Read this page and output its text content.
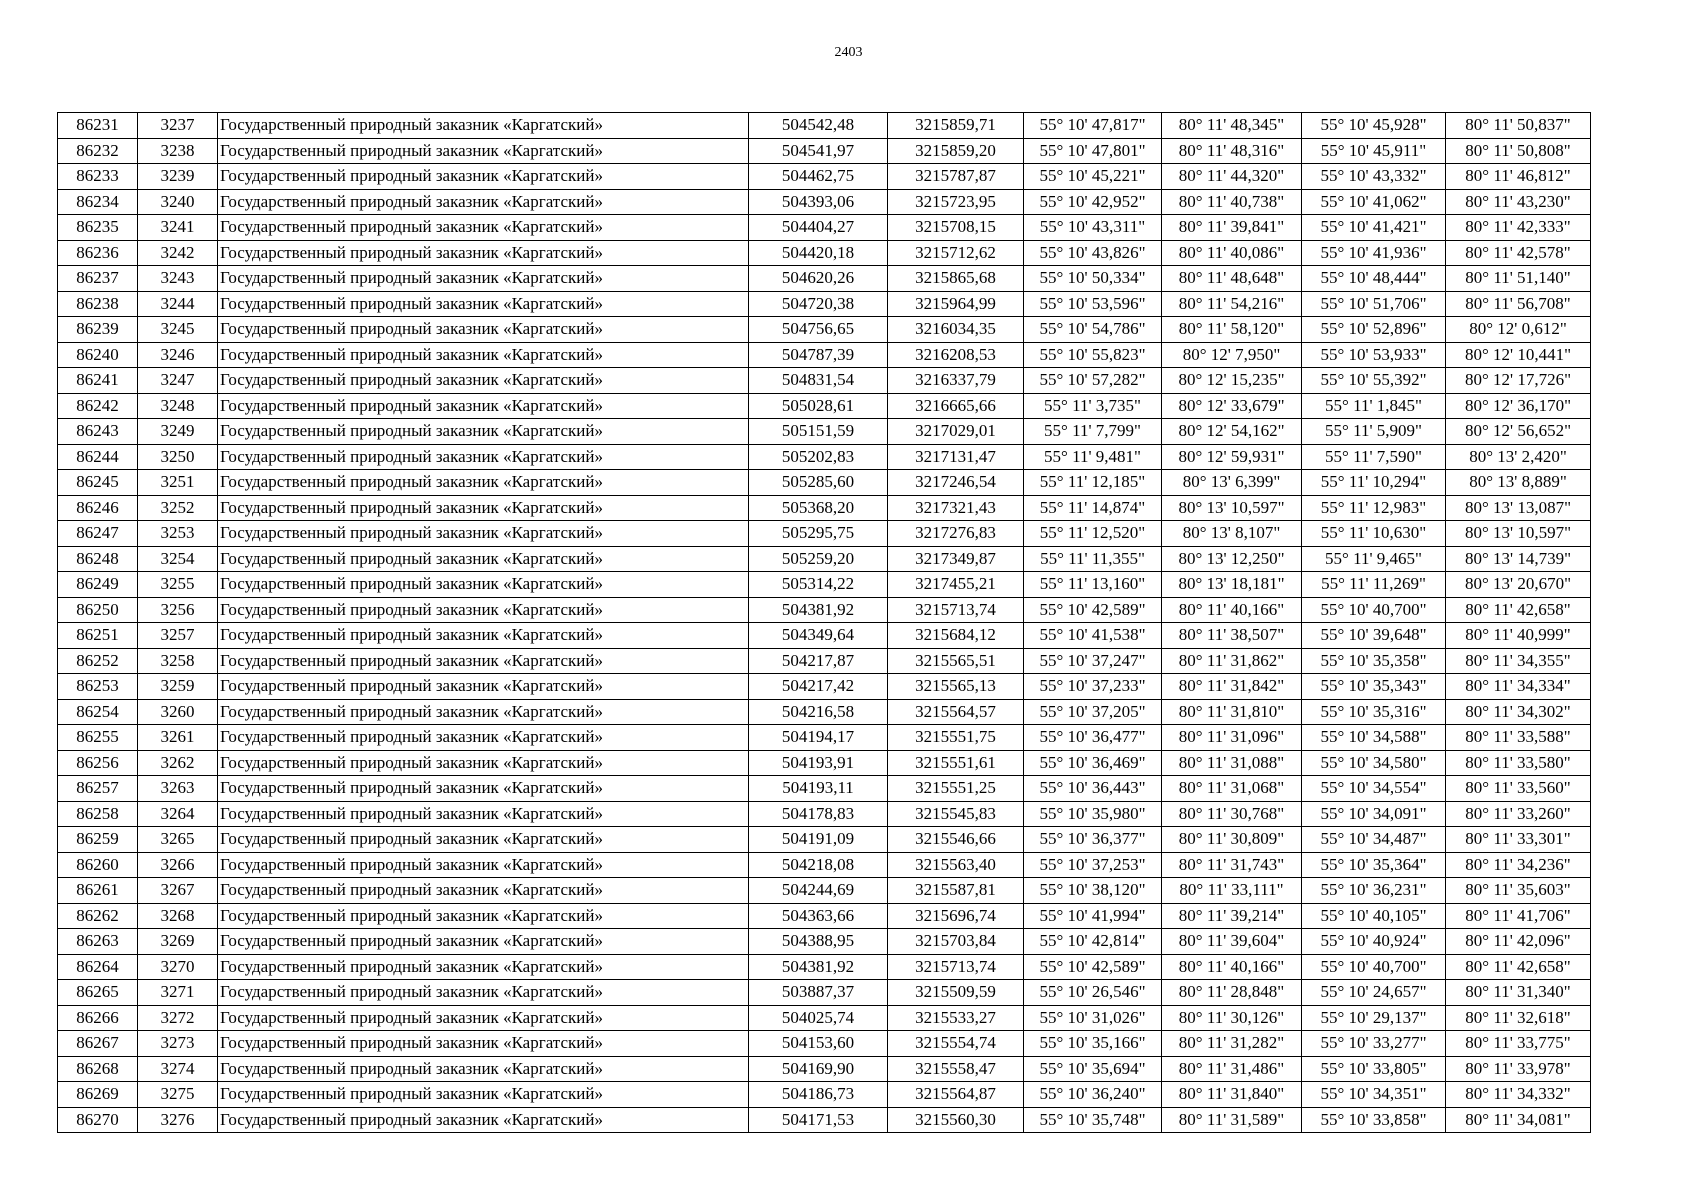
2403
86231	3237	Государственный природный заказник «Каргатский»	504542,48	3215859,71	55° 10' 47,817"	80° 11' 48,345"	55° 10' 45,928"	80° 11' 50,837"
86232	3238	Государственный природный заказник «Каргатский»	504541,97	3215859,20	55° 10' 47,801"	80° 11' 48,316"	55° 10' 45,911"	80° 11' 50,808"
86233	3239	Государственный природный заказник «Каргатский»	504462,75	3215787,87	55° 10' 45,221"	80° 11' 44,320"	55° 10' 43,332"	80° 11' 46,812"
86234	3240	Государственный природный заказник «Каргатский»	504393,06	3215723,95	55° 10' 42,952"	80° 11' 40,738"	55° 10' 41,062"	80° 11' 43,230"
86235	3241	Государственный природный заказник «Каргатский»	504404,27	3215708,15	55° 10' 43,311"	80° 11' 39,841"	55° 10' 41,421"	80° 11' 42,333"
86236	3242	Государственный природный заказник «Каргатский»	504420,18	3215712,62	55° 10' 43,826"	80° 11' 40,086"	55° 10' 41,936"	80° 11' 42,578"
86237	3243	Государственный природный заказник «Каргатский»	504620,26	3215865,68	55° 10' 50,334"	80° 11' 48,648"	55° 10' 48,444"	80° 11' 51,140"
86238	3244	Государственный природный заказник «Каргатский»	504720,38	3215964,99	55° 10' 53,596"	80° 11' 54,216"	55° 10' 51,706"	80° 11' 56,708"
86239	3245	Государственный природный заказник «Каргатский»	504756,65	3216034,35	55° 10' 54,786"	80° 11' 58,120"	55° 10' 52,896"	80° 12' 0,612"
86240	3246	Государственный природный заказник «Каргатский»	504787,39	3216208,53	55° 10' 55,823"	80° 12' 7,950"	55° 10' 53,933"	80° 12' 10,441"
86241	3247	Государственный природный заказник «Каргатский»	504831,54	3216337,79	55° 10' 57,282"	80° 12' 15,235"	55° 10' 55,392"	80° 12' 17,726"
86242	3248	Государственный природный заказник «Каргатский»	505028,61	3216665,66	55° 11' 3,735"	80° 12' 33,679"	55° 11' 1,845"	80° 12' 36,170"
86243	3249	Государственный природный заказник «Каргатский»	505151,59	3217029,01	55° 11' 7,799"	80° 12' 54,162"	55° 11' 5,909"	80° 12' 56,652"
86244	3250	Государственный природный заказник «Каргатский»	505202,83	3217131,47	55° 11' 9,481"	80° 12' 59,931"	55° 11' 7,590"	80° 13' 2,420"
86245	3251	Государственный природный заказник «Каргатский»	505285,60	3217246,54	55° 11' 12,185"	80° 13' 6,399"	55° 11' 10,294"	80° 13' 8,889"
86246	3252	Государственный природный заказник «Каргатский»	505368,20	3217321,43	55° 11' 14,874"	80° 13' 10,597"	55° 11' 12,983"	80° 13' 13,087"
86247	3253	Государственный природный заказник «Каргатский»	505295,75	3217276,83	55° 11' 12,520"	80° 13' 8,107"	55° 11' 10,630"	80° 13' 10,597"
86248	3254	Государственный природный заказник «Каргатский»	505259,20	3217349,87	55° 11' 11,355"	80° 13' 12,250"	55° 11' 9,465"	80° 13' 14,739"
86249	3255	Государственный природный заказник «Каргатский»	505314,22	3217455,21	55° 11' 13,160"	80° 13' 18,181"	55° 11' 11,269"	80° 13' 20,670"
86250	3256	Государственный природный заказник «Каргатский»	504381,92	3215713,74	55° 10' 42,589"	80° 11' 40,166"	55° 10' 40,700"	80° 11' 42,658"
86251	3257	Государственный природный заказник «Каргатский»	504349,64	3215684,12	55° 10' 41,538"	80° 11' 38,507"	55° 10' 39,648"	80° 11' 40,999"
86252	3258	Государственный природный заказник «Каргатский»	504217,87	3215565,51	55° 10' 37,247"	80° 11' 31,862"	55° 10' 35,358"	80° 11' 34,355"
86253	3259	Государственный природный заказник «Каргатский»	504217,42	3215565,13	55° 10' 37,233"	80° 11' 31,842"	55° 10' 35,343"	80° 11' 34,334"
86254	3260	Государственный природный заказник «Каргатский»	504216,58	3215564,57	55° 10' 37,205"	80° 11' 31,810"	55° 10' 35,316"	80° 11' 34,302"
86255	3261	Государственный природный заказник «Каргатский»	504194,17	3215551,75	55° 10' 36,477"	80° 11' 31,096"	55° 10' 34,588"	80° 11' 33,588"
86256	3262	Государственный природный заказник «Каргатский»	504193,91	3215551,61	55° 10' 36,469"	80° 11' 31,088"	55° 10' 34,580"	80° 11' 33,580"
86257	3263	Государственный природный заказник «Каргатский»	504193,11	3215551,25	55° 10' 36,443"	80° 11' 31,068"	55° 10' 34,554"	80° 11' 33,560"
86258	3264	Государственный природный заказник «Каргатский»	504178,83	3215545,83	55° 10' 35,980"	80° 11' 30,768"	55° 10' 34,091"	80° 11' 33,260"
86259	3265	Государственный природный заказник «Каргатский»	504191,09	3215546,66	55° 10' 36,377"	80° 11' 30,809"	55° 10' 34,487"	80° 11' 33,301"
86260	3266	Государственный природный заказник «Каргатский»	504218,08	3215563,40	55° 10' 37,253"	80° 11' 31,743"	55° 10' 35,364"	80° 11' 34,236"
86261	3267	Государственный природный заказник «Каргатский»	504244,69	3215587,81	55° 10' 38,120"	80° 11' 33,111"	55° 10' 36,231"	80° 11' 35,603"
86262	3268	Государственный природный заказник «Каргатский»	504363,66	3215696,74	55° 10' 41,994"	80° 11' 39,214"	55° 10' 40,105"	80° 11' 41,706"
86263	3269	Государственный природный заказник «Каргатский»	504388,95	3215703,84	55° 10' 42,814"	80° 11' 39,604"	55° 10' 40,924"	80° 11' 42,096"
86264	3270	Государственный природный заказник «Каргатский»	504381,92	3215713,74	55° 10' 42,589"	80° 11' 40,166"	55° 10' 40,700"	80° 11' 42,658"
86265	3271	Государственный природный заказник «Каргатский»	503887,37	3215509,59	55° 10' 26,546"	80° 11' 28,848"	55° 10' 24,657"	80° 11' 31,340"
86266	3272	Государственный природный заказник «Каргатский»	504025,74	3215533,27	55° 10' 31,026"	80° 11' 30,126"	55° 10' 29,137"	80° 11' 32,618"
86267	3273	Государственный природный заказник «Каргатский»	504153,60	3215554,74	55° 10' 35,166"	80° 11' 31,282"	55° 10' 33,277"	80° 11' 33,775"
86268	3274	Государственный природный заказник «Каргатский»	504169,90	3215558,47	55° 10' 35,694"	80° 11' 31,486"	55° 10' 33,805"	80° 11' 33,978"
86269	3275	Государственный природный заказник «Каргатский»	504186,73	3215564,87	55° 10' 36,240"	80° 11' 31,840"	55° 10' 34,351"	80° 11' 34,332"
86270	3276	Государственный природный заказник «Каргатский»	504171,53	3215560,30	55° 10' 35,748"	80° 11' 31,589"	55° 10' 33,858"	80° 11' 34,081"
